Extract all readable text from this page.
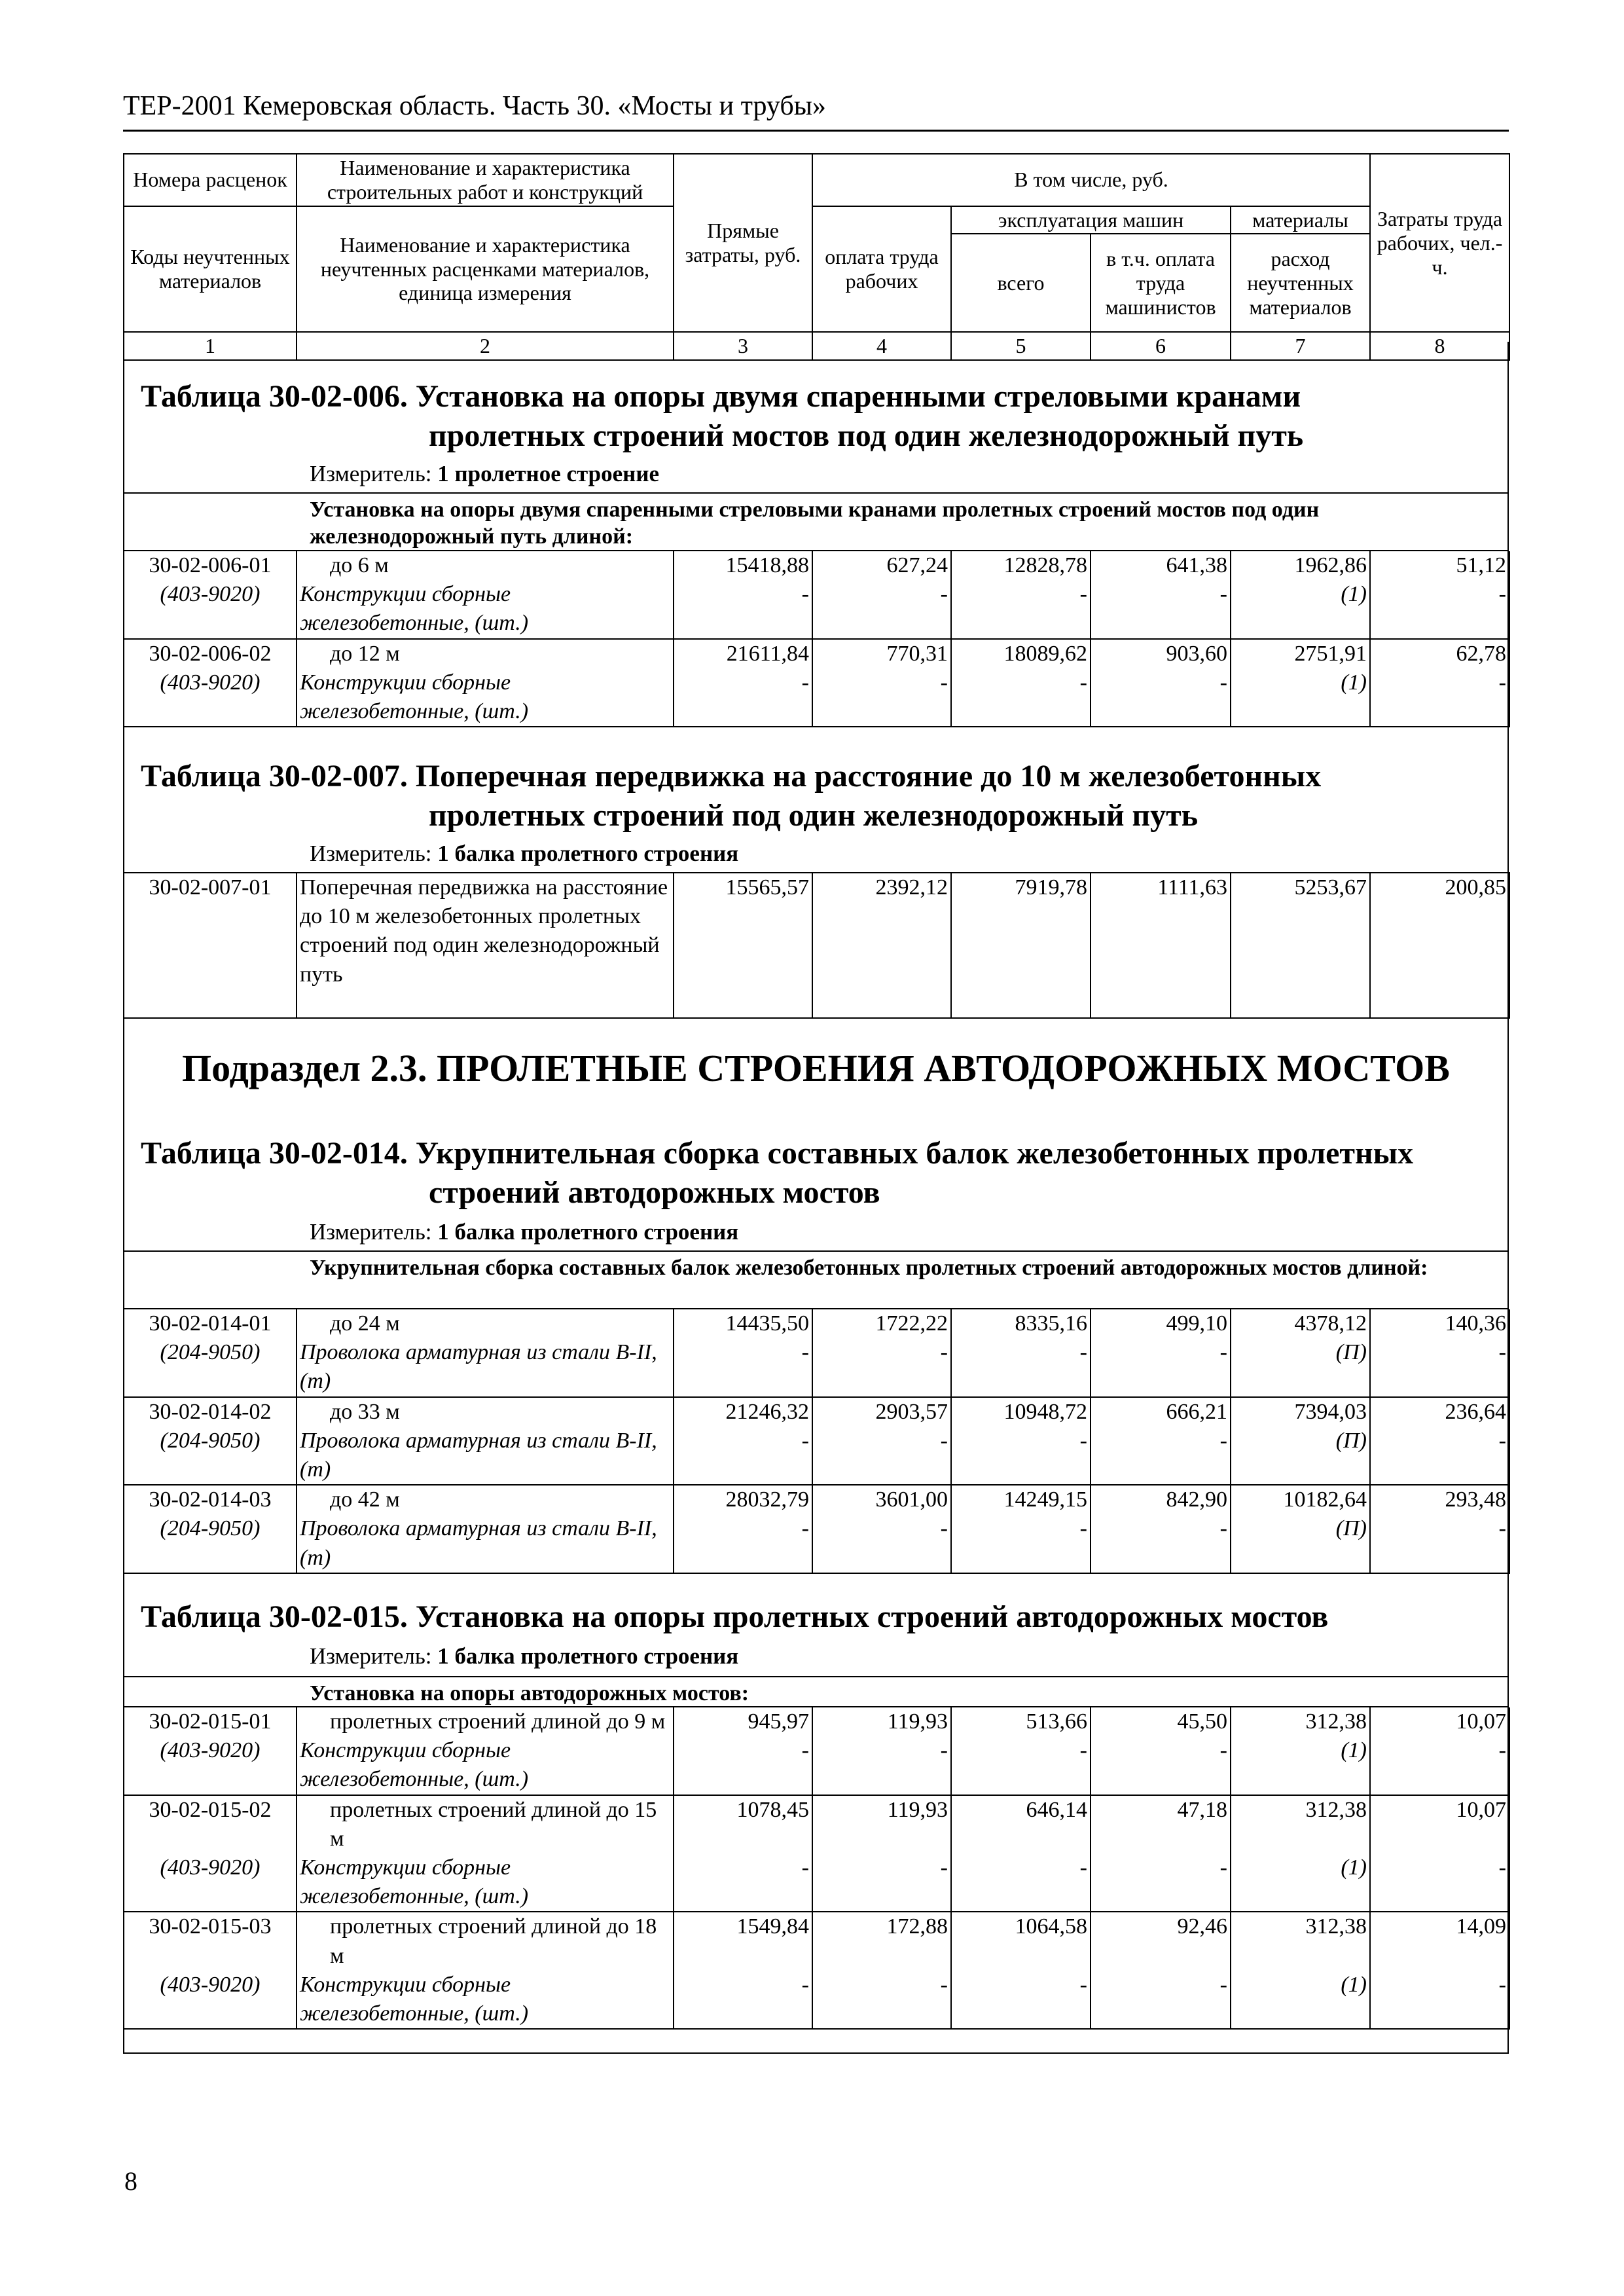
ТЕР-2001 Кемеровская область. Часть 30. «Мосты и трубы»
Номера расценок	Наименование и характеристика строительных работ и конструкций	Прямые затраты, руб.	В том числе, руб.				Затраты труда рабочих, чел.-ч.
Коды неучтенных материалов	Наименование и характеристика неучтенных расценками материалов, единица измерения		оплата труда рабочих	эксплуатация машин		материалы	
				всего	в т.ч. оплата труда машинистов	расход неучтенных материалов	
1	2	3	4	5	6	7	8
Таблица 30-02-006. Установка на опоры двумя спаренными стреловыми кранами
пролетных строений мостов под один железнодорожный путь
Измеритель: 1 пролетное строение
Установка на опоры двумя спаренными стреловыми кранами пролетных строений мостов под один железнодорожный путь длиной:
30-02-006-01	до 6 м	15418,88	627,24	12828,78	641,38	1962,86	51,12
(403-9020)	Конструкции сборные железобетонные, (шт.)	-	-	-	-	(1)	-
30-02-006-02	до 12 м	21611,84	770,31	18089,62	903,60	2751,91	62,78
(403-9020)	Конструкции сборные железобетонные, (шт.)	-	-	-	-	(1)	-
Таблица 30-02-007. Поперечная передвижка на расстояние до 10 м железобетонных
пролетных строений под один железнодорожный путь
Измеритель: 1 балка пролетного строения
30-02-007-01	Поперечная передвижка на расстояние до 10 м железобетонных пролетных строений под один железнодорожный путь	15565,57	2392,12	7919,78	1111,63	5253,67	200,85
Подраздел 2.3. ПРОЛЕТНЫЕ СТРОЕНИЯ АВТОДОРОЖНЫХ МОСТОВ
Таблица 30-02-014. Укрупнительная сборка составных балок железобетонных пролетных
строений автодорожных мостов
Измеритель: 1 балка пролетного строения
Укрупнительная сборка составных балок железобетонных пролетных строений автодорожных мостов длиной:
30-02-014-01	до 24 м	14435,50	1722,22	8335,16	499,10	4378,12	140,36
(204-9050)	Проволока арматурная из стали В-II, (т)	-	-	-	-	(П)	-
30-02-014-02	до 33 м	21246,32	2903,57	10948,72	666,21	7394,03	236,64
(204-9050)	Проволока арматурная из стали В-II, (т)	-	-	-	-	(П)	-
30-02-014-03	до 42 м	28032,79	3601,00	14249,15	842,90	10182,64	293,48
(204-9050)	Проволока арматурная из стали В-II, (т)	-	-	-	-	(П)	-
Таблица 30-02-015. Установка на опоры пролетных строений автодорожных мостов
Измеритель: 1 балка пролетного строения
Установка на опоры автодорожных мостов:
30-02-015-01	пролетных строений длиной до 9 м	945,97	119,93	513,66	45,50	312,38	10,07
(403-9020)	Конструкции сборные железобетонные, (шт.)	-	-	-	-	(1)	-
30-02-015-02	пролетных строений длиной до 15 м	1078,45	119,93	646,14	47,18	312,38	10,07
(403-9020)	Конструкции сборные железобетонные, (шт.)	-	-	-	-	(1)	-
30-02-015-03	пролетных строений длиной до 18 м	1549,84	172,88	1064,58	92,46	312,38	14,09
(403-9020)	Конструкции сборные железобетонные, (шт.)	-	-	-	-	(1)	-
8
